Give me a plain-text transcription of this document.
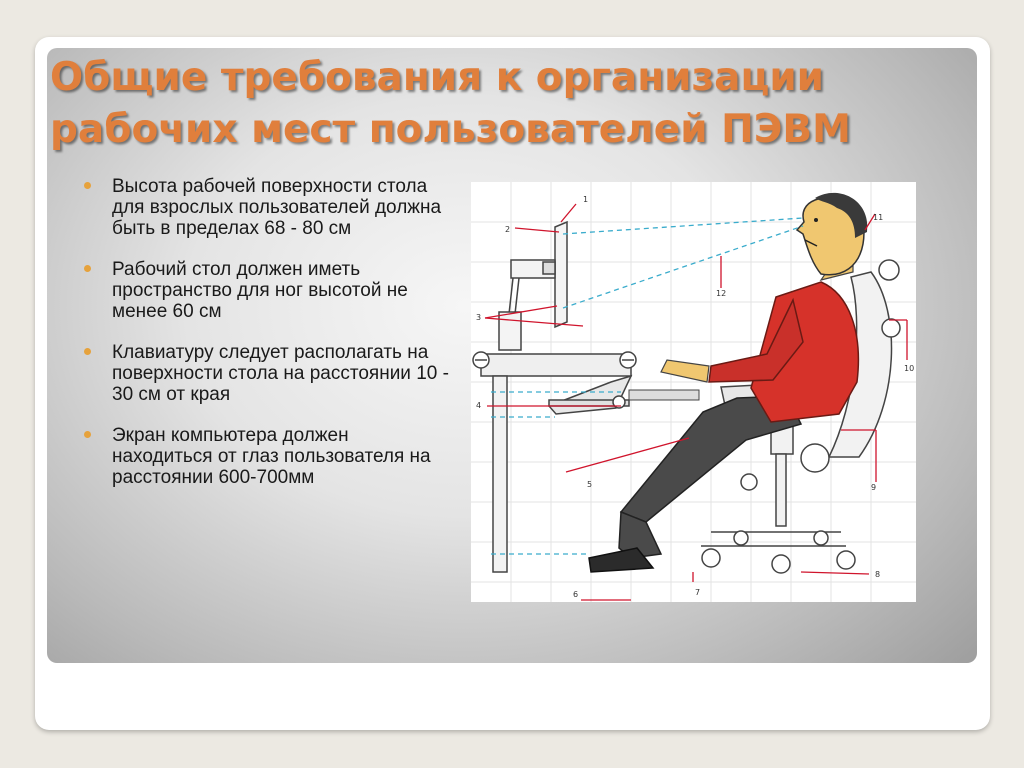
Общие требования к организации рабочих мест пользователей ПЭВМ
Высота рабочей поверхности стола для взрослых пользователей должна быть в пределах 68 - 80 см
Рабочий стол должен иметь пространство для ног высотой не менее 60 см
Клавиатуру следует располагать на поверхности стола на расстоянии 10 - 30 см от края
Экран компьютера должен находиться от глаз пользователя на расстоянии 600-700мм
1
2
3
4
5
6	7
8
9
10
11
12
